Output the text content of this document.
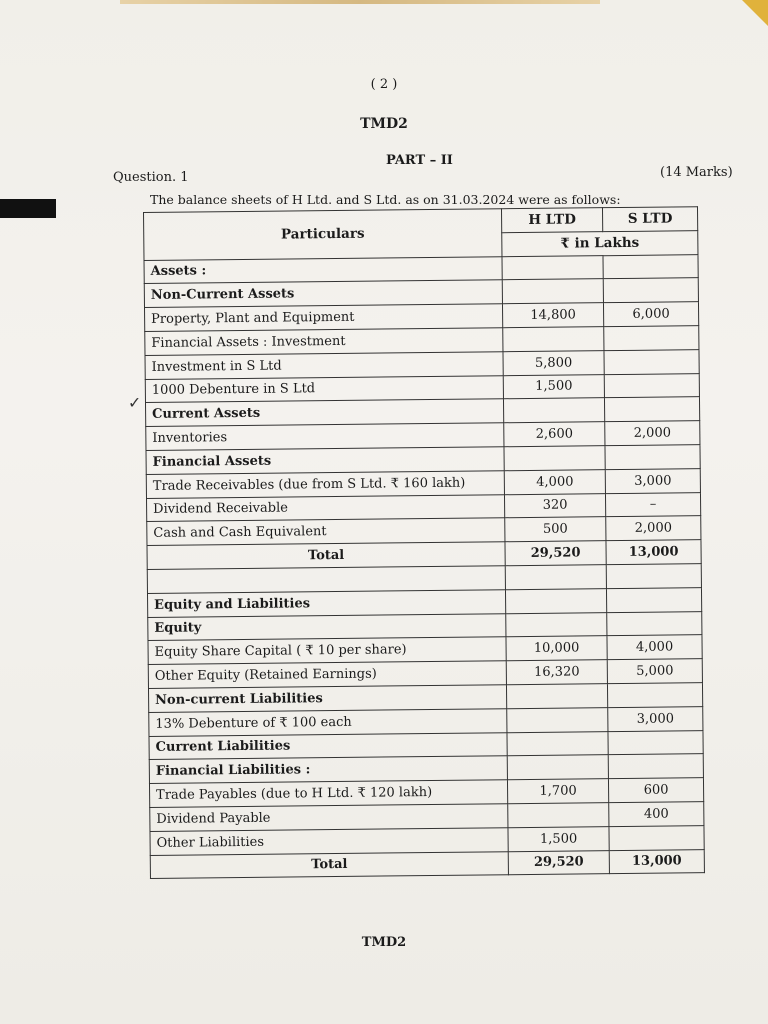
( 2 )
TMD2
PART – II
Question. 1	(14 Marks)
The balance sheets of H Ltd. and S Ltd. as on 31.03.2024 were as follows:
✓
Particulars	H LTD	S LTD
	₹ in Lakhs	
Assets :		
Non-Current Assets		
Property, Plant and Equipment	14,800	6,000
Financial Assets : Investment		
Investment in S Ltd	5,800	
1000 Debenture in S Ltd	1,500	
Current Assets		
Inventories	2,600	2,000
Financial Assets		
Trade Receivables (due from S Ltd. ₹ 160 lakh)	4,000	3,000
Dividend Receivable	320	–
Cash and Cash Equivalent	500	2,000
Total	29,520	13,000

Equity and Liabilities		
Equity		
Equity Share Capital ( ₹ 10 per share)	10,000	4,000
Other Equity (Retained Earnings)	16,320	5,000
Non-current Liabilities		
13% Debenture of ₹ 100 each		3,000
Current Liabilities		
Financial Liabilities :		
Trade Payables (due to H Ltd. ₹ 120 lakh)	1,700	600
Dividend Payable		400
Other Liabilities	1,500	
Total	29,520	13,000
TMD2
